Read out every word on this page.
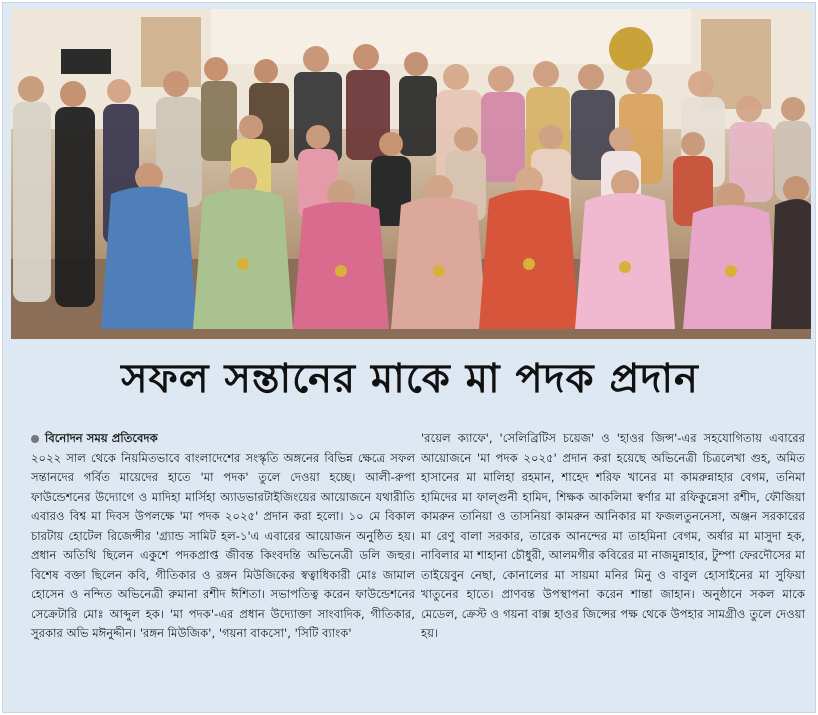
সফল সন্তানের মাকে মা পদক প্রদান
বিনোদন সময় প্রতিবেদক
২০২২ সাল থেকে নিয়মিতভাবে বাংলাদেশের সংস্কৃতি অঙ্গনের বিভিন্ন ক্ষেত্রে সফল সন্তানদের গর্বিত মায়েদের হাতে 'মা পদক' তুলে দেওয়া হচ্ছে। আলী-রুপা ফাউন্ডেশনের উদ্যোগে ও মাদিহা মার্সিহা অ্যাডভারটাইজিংয়ের আয়োজনে যথারীতি এবারও বিশ্ব মা দিবস উপলক্ষে 'মা পদক ২০২৫' প্রদান করা হলো। ১০ মে বিকাল চারটায় হোটেল রিজেন্সীর 'গ্র্যান্ড সামিট হল-১'এ এবারের আয়োজন অনুষ্ঠিত হয়। প্রধান অতিথি ছিলেন একুশে পদকপ্রাপ্ত জীবন্ত কিংবদন্তি অভিনেত্রী ডলি জহুর। বিশেষ বক্তা ছিলেন কবি, গীতিকার ও রঙ্গন মিউজিকের স্বত্বাধিকারী মোঃ জামাল হোসেন ও নন্দিত অভিনেত্রী রুমানা রশীদ ঈশিতা। সভাপতিত্ব করেন ফাউন্ডেশনের সেক্রেটারি মোঃ আব্দুল হক। 'মা পদক'-এর প্রধান উদ্যোক্তা সাংবাদিক, গীতিকার, সুরকার অভি মঈনুদ্দীন। 'রঙ্গন মিউজিক', 'গয়না বাকসো', 'সিটি ব্যাংক'
'রয়েল ক্যাফে', 'সেলিব্রিটিস চয়েজ' ও 'হাওর জিন্স'-এর সহযোগিতায় এবারের আয়োজনে 'মা পদক ২০২৫' প্রদান করা হয়েছে অভিনেত্রী চিত্রলেখা গুহ, অমিত হাসানের মা মালিহা রহমান, শাহেদ শরিফ খানের মা কামরুন্নাহার বেগম, তনিমা হামিদের মা ফাল্গুনী হামিদ, শিক্ষক আকলিমা স্বর্ণার মা রফিকুন্নেসা রশীদ, ফৌজিয়া কামরুন তানিয়া ও তাসনিয়া কামরুন আনিকার মা ফজলতুননেসা, অঞ্জন সরকারের মা রেণু বালা সরকার, তারেক আনন্দের মা তাহমিনা বেগম, অর্ষার মা মাসুদা হক, নাবিলার মা শাহানা চৌধুরী, আলমগীর কবিরের মা নাজমুন্নাহার, টুম্পা ফেরদৌসের মা তাইয়েবুন নেছা, কোনালের মা সায়মা মনির মিনু ও বাবুল হোসাইনের মা সুফিয়া খাতুনের হাতে। প্রাণবন্ত উপস্থাপনা করেন শান্তা জাহান। অনুষ্ঠানে সকল মাকে মেডেল, ক্রেস্ট ও গয়না বাক্স হাওর জিন্সের পক্ষ থেকে উপহার সামগ্রীও তুলে দেওয়া হয়।
